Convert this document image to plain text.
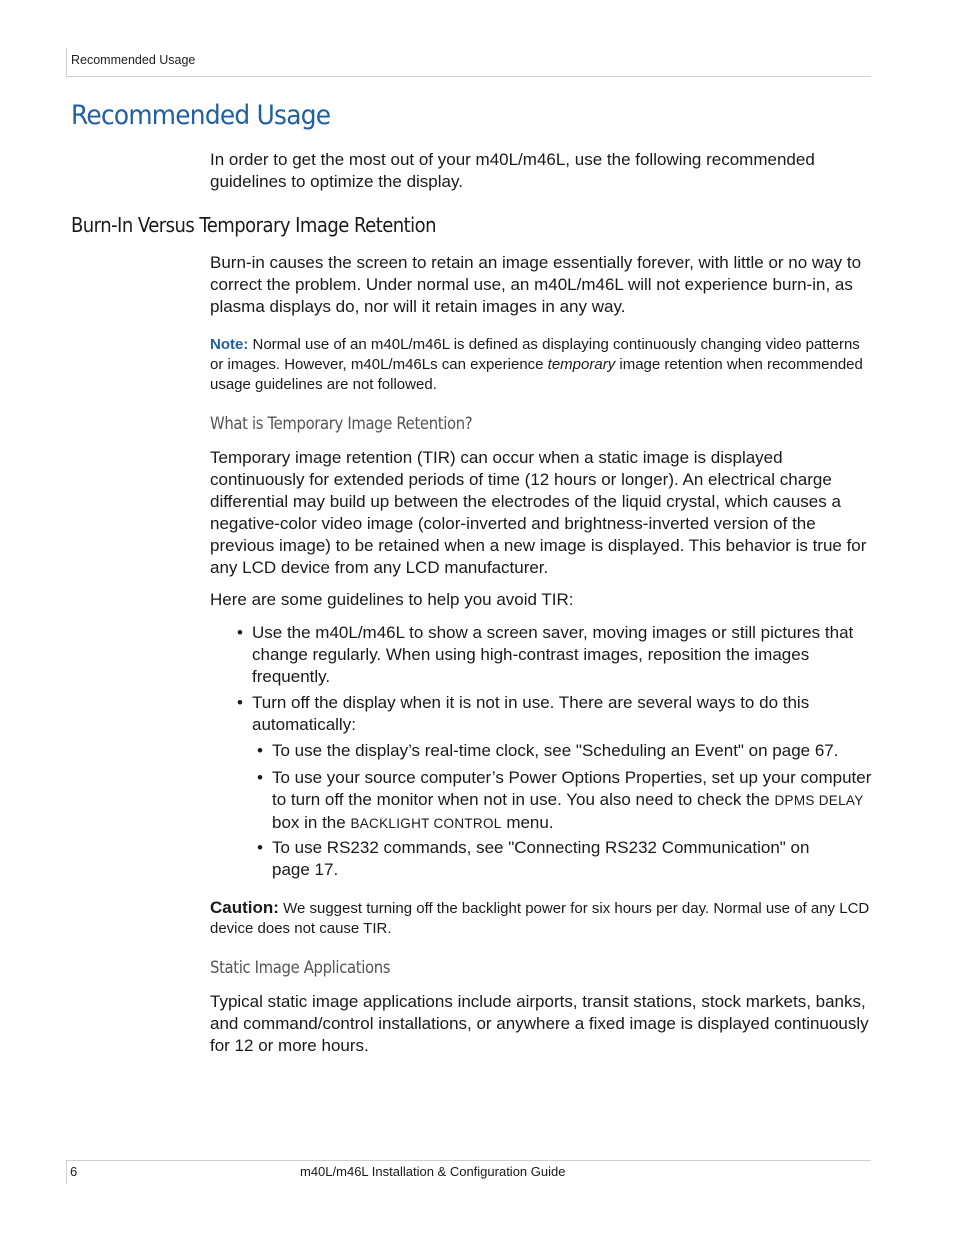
Recommended Usage
Recommended Usage

In order to get the most out of your m40L/m46L, use the following recommended guidelines to optimize the display.

Burn-In Versus Temporary Image Retention

Burn-in causes the screen to retain an image essentially forever, with little or no way to correct the problem. Under normal use, an m40L/m46L will not experience burn-in, as plasma displays do, nor will it retain images in any way.

Note: Normal use of an m40L/m46L is defined as displaying continuously changing video patterns or images. However, m40L/m46Ls can experience temporary image retention when recommended usage guidelines are not followed.

What is Temporary Image Retention?

Temporary image retention (TIR) can occur when a static image is displayed continuously for extended periods of time (12 hours or longer). An electrical charge differential may build up between the electrodes of the liquid crystal, which causes a negative-color video image (color-inverted and brightness-inverted version of the previous image) to be retained when a new image is displayed. This behavior is true for any LCD device from any LCD manufacturer.

Here are some guidelines to help you avoid TIR:

• Use the m40L/m46L to show a screen saver, moving images or still pictures that change regularly. When using high-contrast images, reposition the images frequently.
• Turn off the display when it is not in use. There are several ways to do this automatically:
• To use the display’s real-time clock, see "Scheduling an Event" on page 67.
• To use your source computer’s Power Options Properties, set up your computer to turn off the monitor when not in use. You also need to check the DPMS DELAY box in the BACKLIGHT CONTROL menu.
• To use RS232 commands, see "Connecting RS232 Communication" on page 17.

Caution: We suggest turning off the backlight power for six hours per day. Normal use of any LCD device does not cause TIR.

Static Image Applications

Typical static image applications include airports, transit stations, stock markets, banks, and command/control installations, or anywhere a fixed image is displayed continuously for 12 or more hours.

6	m40L/m46L Installation & Configuration Guide
